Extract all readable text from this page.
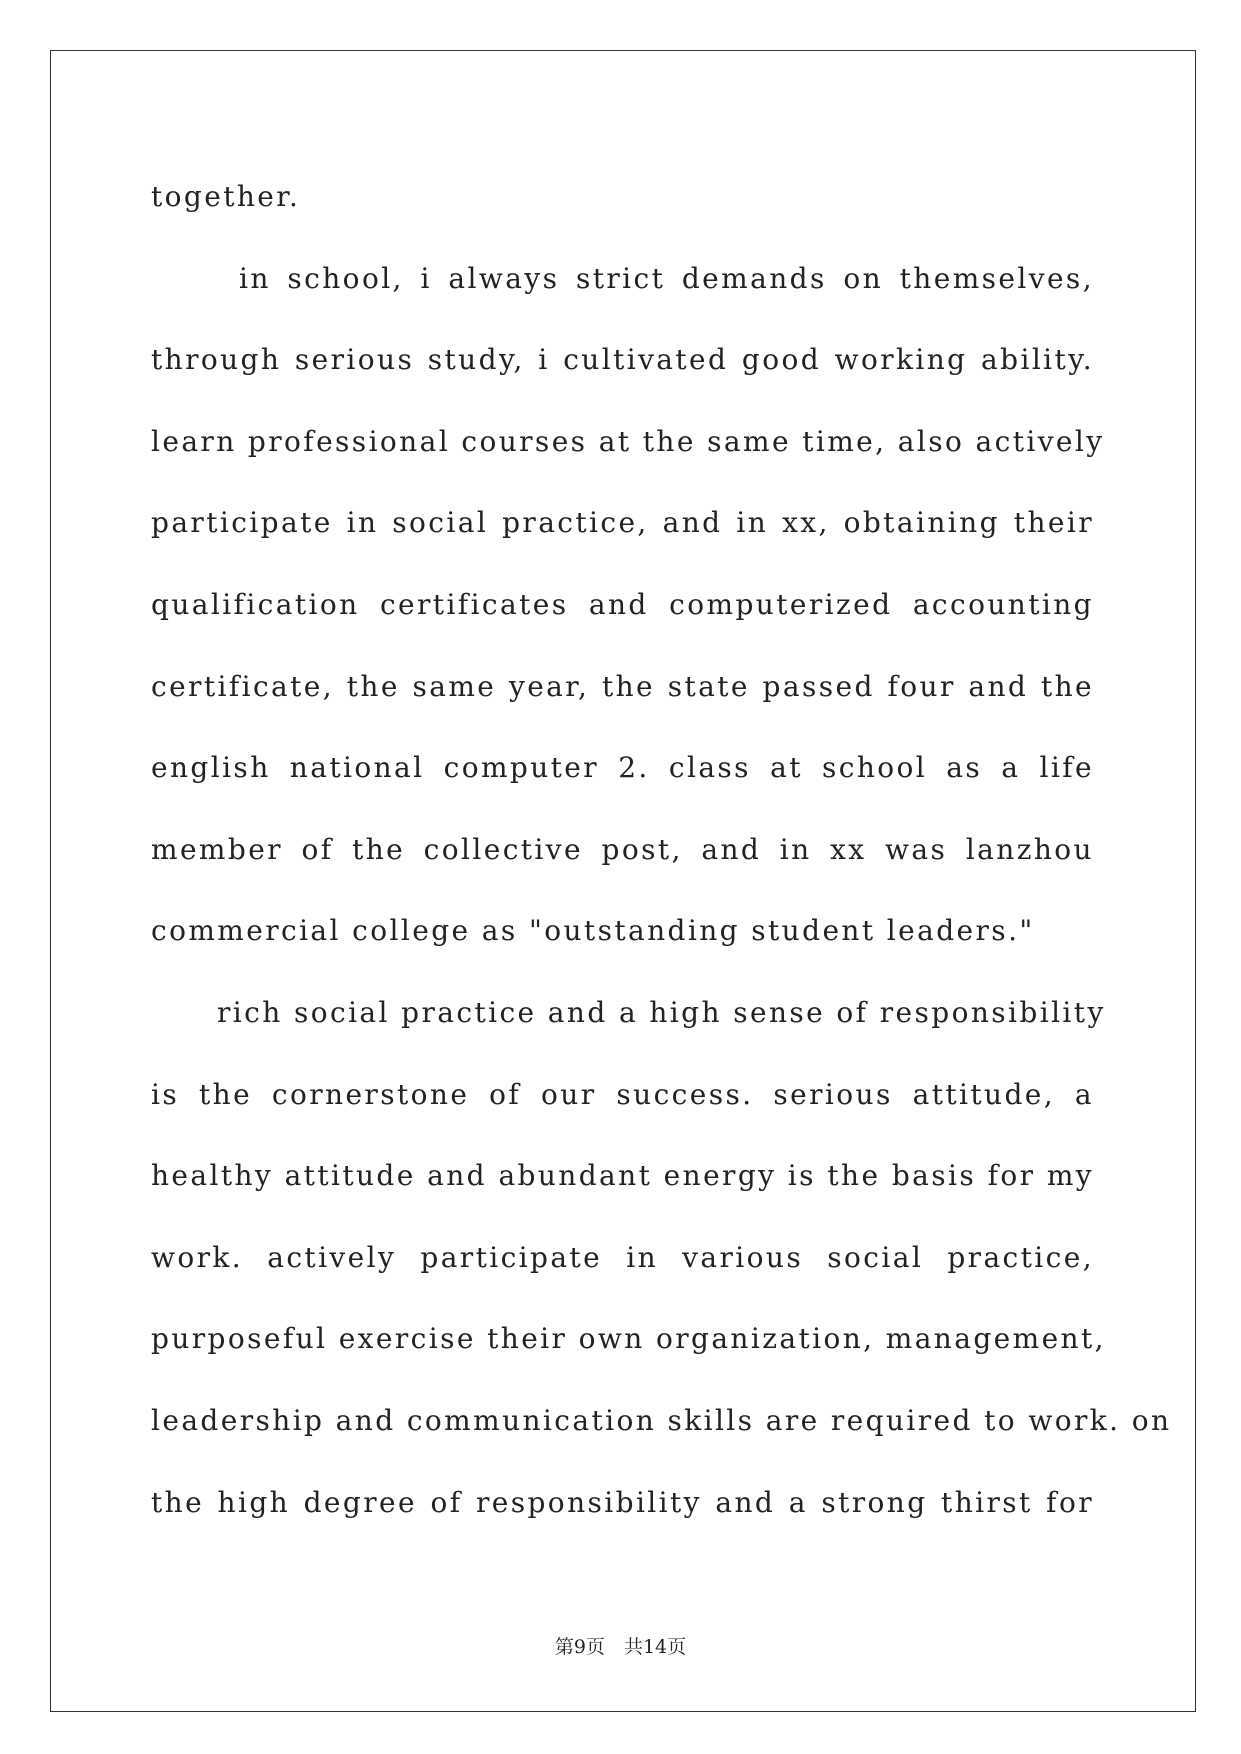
together.
in school, i always strict demands on themselves,
through serious study, i cultivated good working ability.
learn professional courses at the same time, also actively
participate in social practice, and in xx, obtaining their
qualification certificates and computerized accounting
certificate, the same year, the state passed four and the
english national computer 2. class at school as a life
member of the collective post, and in xx was lanzhou
commercial college as "outstanding student leaders."
rich social practice and a high sense of responsibility
is the cornerstone of our success. serious attitude, a
healthy attitude and abundant energy is the basis for my
work. actively participate in various social practice,
purposeful exercise their own organization, management,
leadership and communication skills are required to work. on
the high degree of responsibility and a strong thirst for
第9页　共14页
